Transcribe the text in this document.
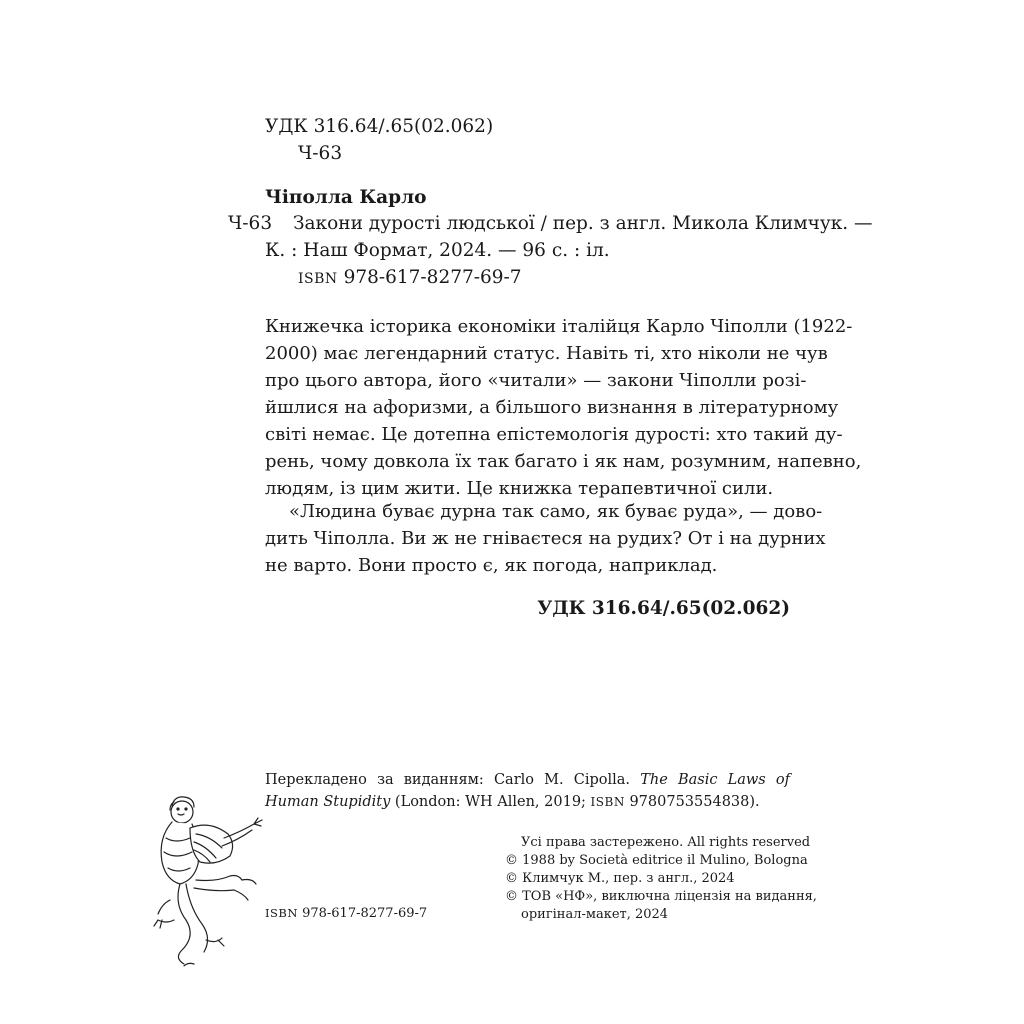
УДК 316.64/.65(02.062)
Ч-63
Чіполла Карло
Ч-63 Закони дурості людської / пер. з англ. Микола Климчук. —
К. : Наш Формат, 2024. — 96 с. : іл.
ISBN 978-617-8277-69-7
Книжечка історика економіки італійця Карло Чіполли (1922-
2000) має легендарний статус. Навіть ті, хто ніколи не чув
про цього автора, його «читали» — закони Чіполли розі-
йшлися на афоризми, а більшого визнання в літературному
світі немає. Це дотепна епістемологія дурості: хто такий ду-
рень, чому довкола їх так багато і як нам, розумним, напевно,
людям, із цим жити. Це книжка терапевтичної сили.
«Людина буває дурна так само, як буває руда», — дово-
дить Чіполла. Ви ж не гніваєтеся на рудих? От і на дурних
не варто. Вони просто є, як погода, наприклад.
УДК 316.64/.65(02.062)
Перекладено за виданням: Carlo M. Cipolla. The Basic Laws of Human Stupidity (London: WH Allen, 2019; ISBN 9780753554838).
ISBN 978-617-8277-69-7
Усі права застережено. All rights reserved
© 1988 by Società editrice il Mulino, Bologna
© Климчук М., пер. з англ., 2024
© ТОВ «НФ», виключна ліцензія на видання,
оригінал-макет, 2024
